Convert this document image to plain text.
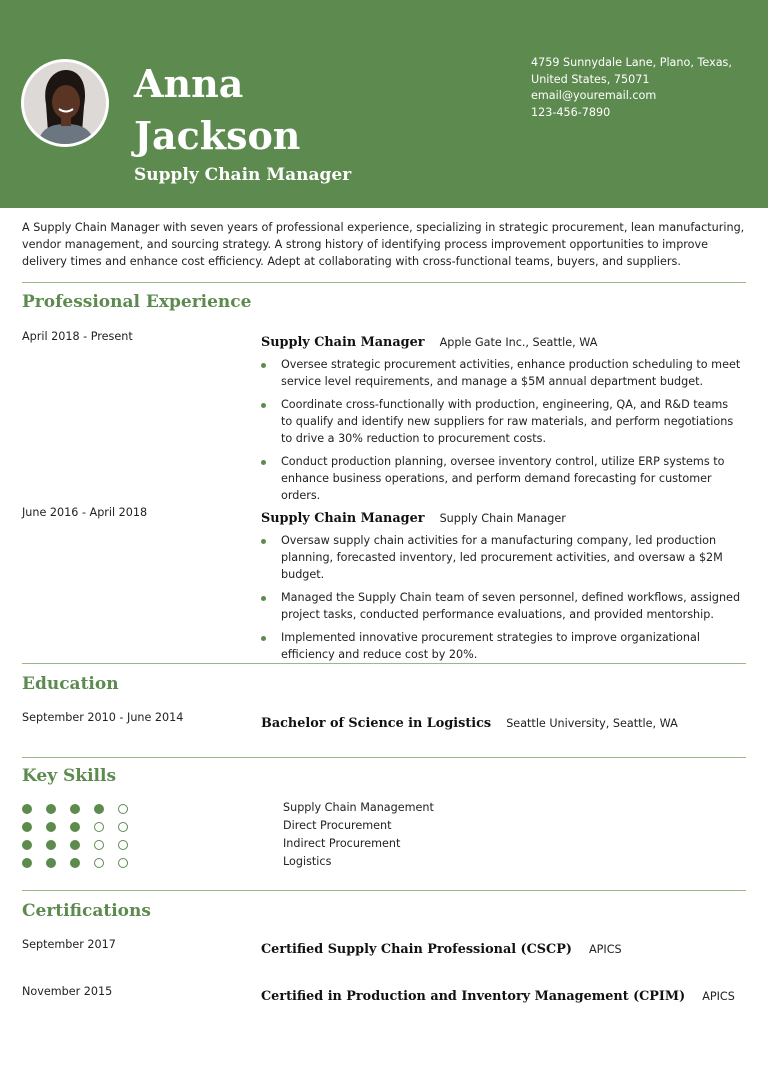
Anna
Jackson
Supply Chain Manager
4759 Sunnydale Lane, Plano, Texas,
United States, 75071
email@youremail.com
123-456-7890
A Supply Chain Manager with seven years of professional experience, specializing in strategic procurement, lean manufacturing, vendor management, and sourcing strategy. A strong history of identifying process improvement opportunities to improve delivery times and enhance cost efficiency. Adept at collaborating with cross-functional teams, buyers, and suppliers.
Professional Experience
April 2018 - Present	Supply Chain Manager Apple Gate Inc., Seattle, WA
Oversee strategic procurement activities, enhance production scheduling to meet service level requirements, and manage a $5M annual department budget.
Coordinate cross-functionally with production, engineering, QA, and R&D teams to qualify and identify new suppliers for raw materials, and perform negotiations to drive a 30% reduction to procurement costs.
Conduct production planning, oversee inventory control, utilize ERP systems to enhance business operations, and perform demand forecasting for customer orders.
June 2016 - April 2018	Supply Chain Manager Supply Chain Manager
Oversaw supply chain activities for a manufacturing company, led production planning, forecasted inventory, led procurement activities, and oversaw a $2M budget.
Managed the Supply Chain team of seven personnel, defined workflows, assigned project tasks, conducted performance evaluations, and provided mentorship.
Implemented innovative procurement strategies to improve organizational efficiency and reduce cost by 20%.
Education
September 2010 - June 2014	Bachelor of Science in Logistics Seattle University, Seattle, WA
Key Skills
Supply Chain Management
Direct Procurement
Indirect Procurement
Logistics
Certifications
September 2017	Certified Supply Chain Professional (CSCP) APICS
November 2015	Certified in Production and Inventory Management (CPIM) APICS
